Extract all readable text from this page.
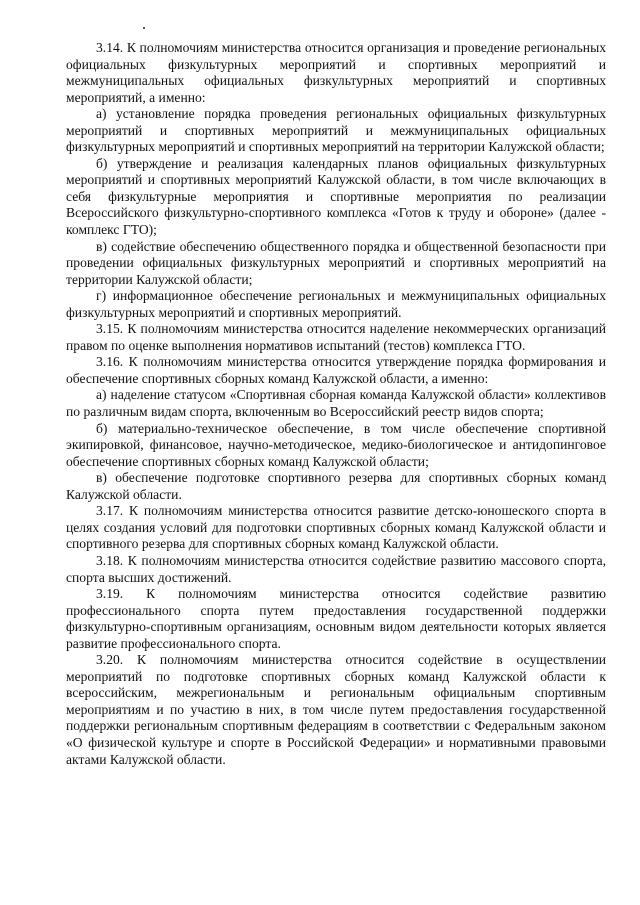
3.14. К полномочиям министерства относится организация и проведение региональных официальных физкультурных мероприятий и спортивных мероприятий и межмуниципальных официальных физкультурных мероприятий и спортивных мероприятий, а именно:

а) установление порядка проведения региональных официальных физкультурных мероприятий и спортивных мероприятий и межмуниципальных официальных физкультурных мероприятий и спортивных мероприятий на территории Калужской области;

б) утверждение и реализация календарных планов официальных физкультурных мероприятий и спортивных мероприятий Калужской области, в том числе включающих в себя физкультурные мероприятия и спортивные мероприятия по реализации Всероссийского физкультурно-спортивного комплекса «Готов к труду и обороне» (далее - комплекс ГТО);

в) содействие обеспечению общественного порядка и общественной безопасности при проведении официальных физкультурных мероприятий и спортивных мероприятий на территории Калужской области;

г) информационное обеспечение региональных и межмуниципальных официальных физкультурных мероприятий и спортивных мероприятий.

3.15. К полномочиям министерства относится наделение некоммерческих организаций правом по оценке выполнения нормативов испытаний (тестов) комплекса ГТО.

3.16. К полномочиям министерства относится утверждение порядка формирования и обеспечение спортивных сборных команд Калужской области, а именно:

а) наделение статусом «Спортивная сборная команда Калужской области» коллективов по различным видам спорта, включенным во Всероссийский реестр видов спорта;

б) материально-техническое обеспечение, в том числе обеспечение спортивной экипировкой, финансовое, научно-методическое, медико-биологическое и антидопинговое обеспечение спортивных сборных команд Калужской области;

в) обеспечение подготовке спортивного резерва для спортивных сборных команд Калужской области.

3.17. К полномочиям министерства относится развитие детско-юношеского спорта в целях создания условий для подготовки спортивных сборных команд Калужской области и спортивного резерва для спортивных сборных команд Калужской области.

3.18. К полномочиям министерства относится содействие развитию массового спорта, спорта высших достижений.

3.19. К полномочиям министерства относится содействие развитию профессионального спорта путем предоставления государственной поддержки физкультурно-спортивным организациям, основным видом деятельности которых является развитие профессионального спорта.

3.20. К полномочиям министерства относится содействие в осуществлении мероприятий по подготовке спортивных сборных команд Калужской области к всероссийским, межрегиональным и региональным официальным спортивным мероприятиям и по участию в них, в том числе путем предоставления государственной поддержки региональным спортивным федерациям в соответствии с Федеральным законом «О физической культуре и спорте в Российской Федерации» и нормативными правовыми актами Калужской области.
